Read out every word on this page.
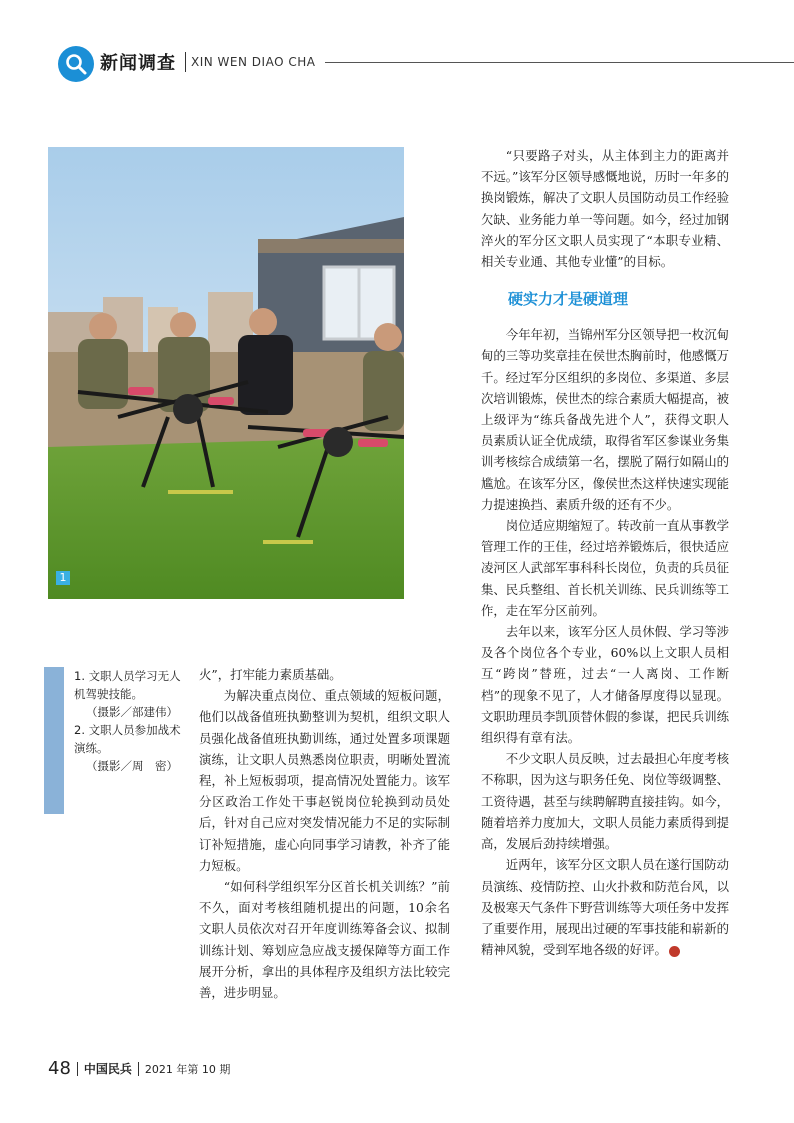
新闻调查 XIN WEN DIAO CHA
1

1. 文职人员学习无人机驾驶技能。

（摄影／部建伟）

2. 文职人员参加战术演练。

（摄影／周　密）

火”，打牢能力素质基础。

为解决重点岗位、重点领域的短板问题，他们以战备值班执勤整训为契机，组织文职人员强化战备值班执勤训练，通过处置多项课题演练，让文职人员熟悉岗位职责，明晰处置流程，补上短板弱项，提高情况处置能力。该军分区政治工作处干事赵锐岗位轮换到动员处后，针对自己应对突发情况能力不足的实际制订补短措施，虚心向同事学习请教，补齐了能力短板。

“如何科学组织军分区首长机关训练？”前不久，面对考核组随机提出的问题，10余名文职人员依次对召开年度训练筹备会议、拟制训练计划、筹划应急应战支援保障等方面工作展开分析，拿出的具体程序及组织方法比较完善，进步明显。

“只要路子对头，从主体到主力的距离并不远。”该军分区领导感慨地说，历时一年多的换岗锻炼，解决了文职人员国防动员工作经验欠缺、业务能力单一等问题。如今，经过加钢淬火的军分区文职人员实现了“本职专业精、相关专业通、其他专业懂”的目标。

硬实力才是硬道理

今年年初，当锦州军分区领导把一枚沉甸甸的三等功奖章挂在侯世杰胸前时，他感慨万千。经过军分区组织的多岗位、多渠道、多层次培训锻炼，侯世杰的综合素质大幅提高，被上级评为“练兵备战先进个人”，获得文职人员素质认证全优成绩，取得省军区参谋业务集训考核综合成绩第一名，摆脱了隔行如隔山的尴尬。在该军分区，像侯世杰这样快速实现能力提速换挡、素质升级的还有不少。

岗位适应期缩短了。转改前一直从事教学管理工作的王佳，经过培养锻炼后，很快适应凌河区人武部军事科科长岗位，负责的兵员征集、民兵整组、首长机关训练、民兵训练等工作，走在军分区前列。

去年以来，该军分区人员休假、学习等涉及各个岗位各个专业，60%以上文职人员相互“跨岗”替班，过去“一人离岗、工作断档”的现象不见了，人才储备厚度得以显现。文职助理员李凯顶替休假的参谋，把民兵训练组织得有章有法。

不少文职人员反映，过去最担心年度考核不称职，因为这与职务任免、岗位等级调整、工资待遇，甚至与续聘解聘直接挂钩。如今，随着培养力度加大，文职人员能力素质得到提高，发展后劲持续增强。

近两年，该军分区文职人员在遂行国防动员演练、疫情防控、山火扑救和防范台风，以及极寒天气条件下野营训练等大项任务中发挥了重要作用，展现出过硬的军事技能和崭新的精神风貌，受到军地各级的好评。	民

48 中国民兵 2021 年第 10 期
